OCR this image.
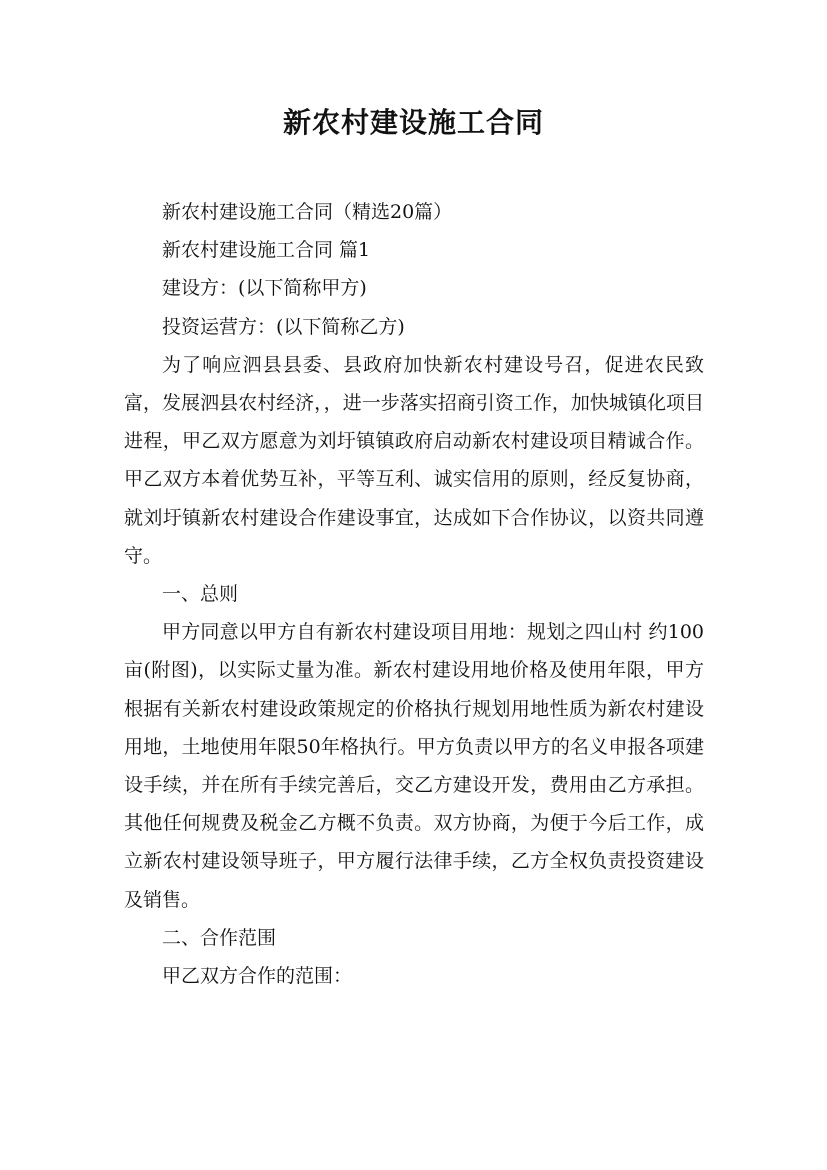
新农村建设施工合同

新农村建设施工合同（精选20篇）

新农村建设施工合同 篇1

建设方：(以下简称甲方)

投资运营方：(以下简称乙方)

为了响应泗县县委、县政府加快新农村建设号召，促进农民致富，发展泗县农村经济，，进一步落实招商引资工作，加快城镇化项目进程，甲乙双方愿意为刘圩镇镇政府启动新农村建设项目精诚合作。甲乙双方本着优势互补，平等互利、诚实信用的原则，经反复协商，就刘圩镇新农村建设合作建设事宜，达成如下合作协议，以资共同遵守。

一、总则

甲方同意以甲方自有新农村建设项目用地：规划之四山村 约100 亩(附图)，以实际丈量为准。新农村建设用地价格及使用年限，甲方根据有关新农村建设政策规定的价格执行规划用地性质为新农村建设用地，土地使用年限50年格执行。甲方负责以甲方的名义申报各项建设手续，并在所有手续完善后，交乙方建设开发，费用由乙方承担。其他任何规费及税金乙方概不负责。双方协商，为便于今后工作，成立新农村建设领导班子，甲方履行法律手续，乙方全权负责投资建设及销售。

二、合作范围

甲乙双方合作的范围：
